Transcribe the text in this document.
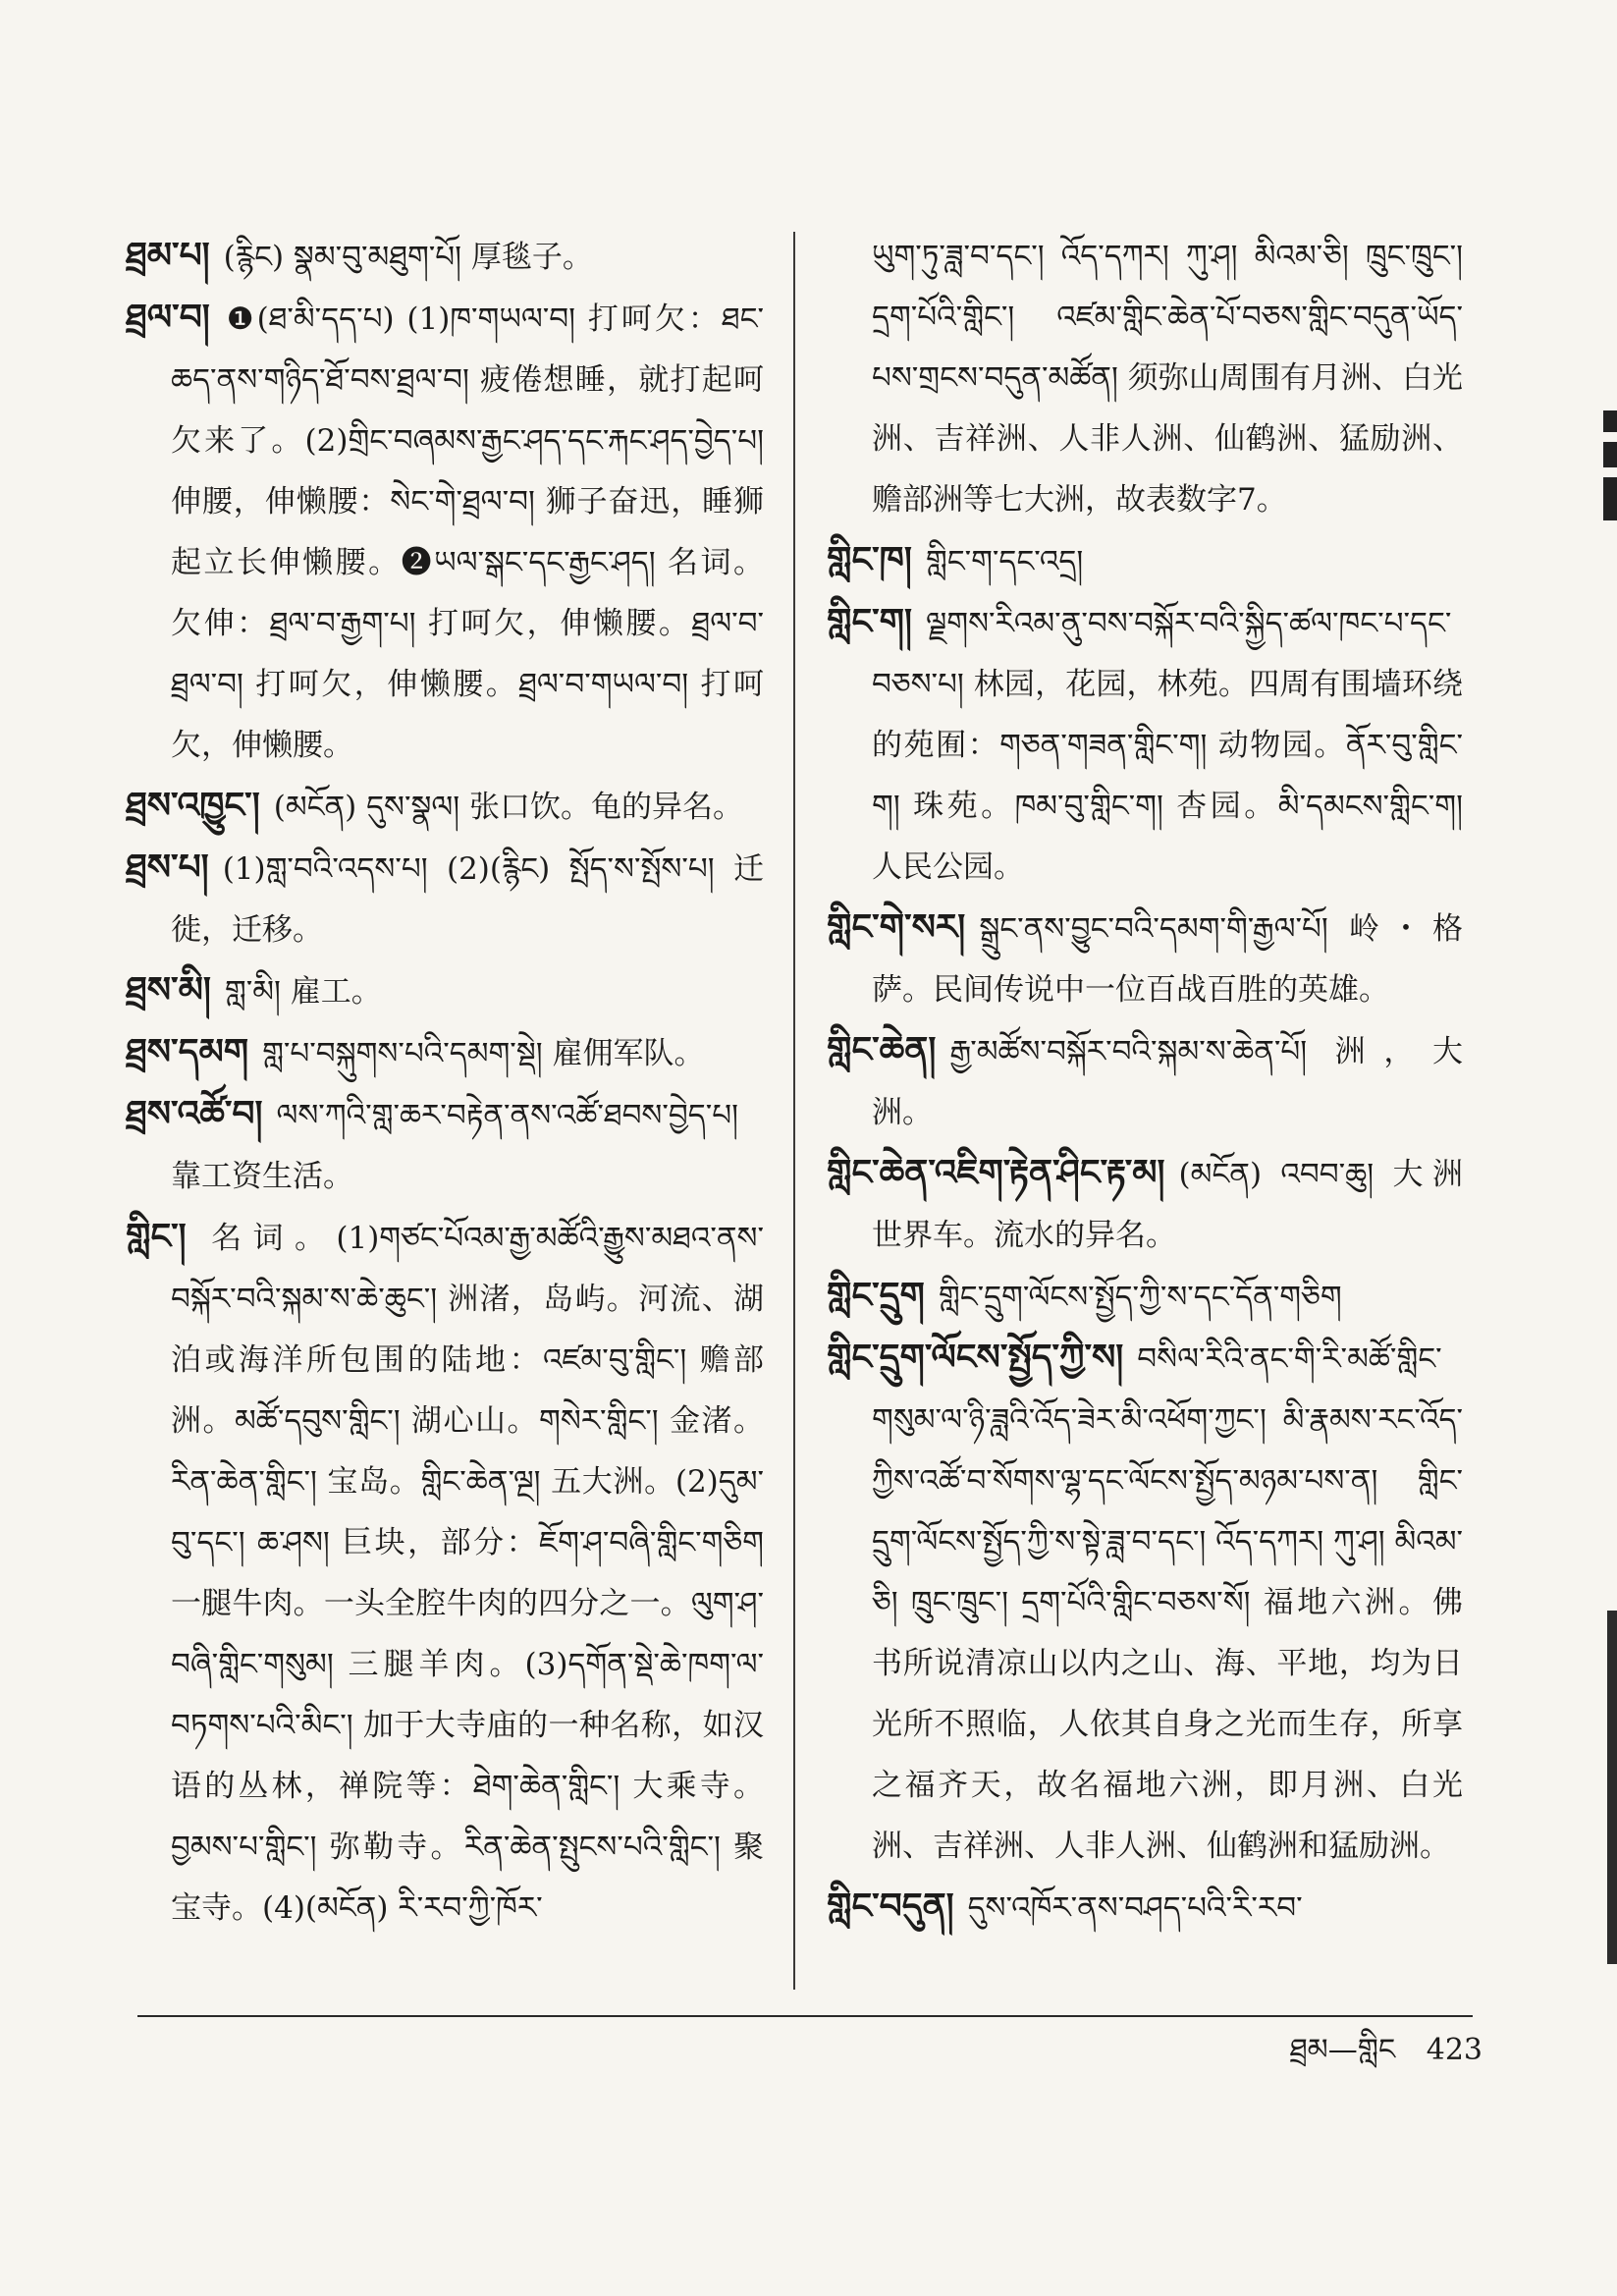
ཐྲམ་པ། (རྙིང) སྣམ་བུ་མཐུག་པོ། 厚毯子。
ཐྲལ་བ། ❶(ཐ་མི་དད་པ) (1)ཁ་གཡལ་བ། 打呵欠：ཐང་ཆད་ནས་གཉིད་ཐོ་བས་ཐྲལ་བ། 疲倦想睡，就打起呵欠来了。(2)གྲིང་བཞམས་རྒྱང་ཤད་དང་རྐང་ཤད་བྱེད་པ། 伸腰，伸懒腰：སེང་གེ་ཐྲལ་བ། 狮子奋迅，睡狮起立长伸懒腰。❷ཡལ་སྒང་དང་རྒྱང་ཤད། 名词。欠伸：ཐྲལ་བ་རྒྱག་པ། 打呵欠，伸懒腰。ཐྲལ་བ་ཐྲལ་བ། 打呵欠，伸懒腰。ཐྲལ་བ་གཡལ་བ། 打呵欠，伸懒腰。
ཐྲས་འཁྱུང་། (མངོན) དུས་སྣལ། 张口饮。龟的异名。
ཐྲས་པ། (1)གླ་བའི་འདས་པ། (2)(རྙིང) སྤོད་ས་སྤོས་པ། 迁徙，迁移。
ཐྲས་མི། གླ་མི། 雇工。
ཐྲས་དམག གླ་པ་བསྐུགས་པའི་དམག་སྡེ། 雇佣军队。
ཐྲས་འཚོ་བ། ལས་ཀའི་གླ་ཆར་བརྟེན་ནས་འཚོ་ཐབས་བྱེད་པ། 靠工资生活。
གླིང་། 名词。(1)གཙང་པོའམ་རྒྱ་མཚོའི་རྒྱུས་མཐའ་ནས་བསྐོར་བའི་སྐམ་ས་ཆེ་ཆུང་། 洲渚，岛屿。河流、湖泊或海洋所包围的陆地：འཛམ་བུ་གླིང་། 赡部洲。མཚོ་དབུས་གླིང་། 湖心山。གསེར་གླིང་། 金渚。རིན་ཆེན་གླིང་། 宝岛。གླིང་ཆེན་ལྔ། 五大洲。(2)དུམ་བུ་དང་། ཆ་ཤས། 巨块，部分：ཇོག་ཤ་བཞི་གླིང་གཅིག 一腿牛肉。一头全腔牛肉的四分之一。ལུག་ཤ་བཞི་གླིང་གསུམ། 三腿羊肉。(3)དགོན་སྡེ་ཆེ་ཁག་ལ་བཏགས་པའི་མིང་། 加于大寺庙的一种名称，如汉语的丛林，禅院等：ཐེག་ཆེན་གླིང་། 大乘寺。བྱམས་པ་གླིང་། 弥勒寺。རིན་ཆེན་སྤུངས་པའི་གླིང་། 聚宝寺。(4)(མངོན) རི་རབ་ཀྱི་ཁོར་
ཡུག་ཏུ་ཟླ་བ་དང་། འོད་དཀར། ཀུ་ཤ། མིའམ་ཅི། ཁྲུང་ཁྲུང་། དྲག་པོའི་གླིང་། འཛམ་གླིང་ཆེན་པོ་བཅས་གླིང་བདུན་ཡོད་པས་གྲངས་བདུན་མཚོན། 须弥山周围有月洲、白光洲、吉祥洲、人非人洲、仙鹤洲、猛励洲、赡部洲等七大洲，故表数字7。
གླིང་ཁ། གླིང་ག་དང་འདྲ།
གླིང་ག། ལྗགས་རིའམ་ནུ་བས་བསྐོར་བའི་སྐྱིད་ཚལ་ཁང་པ་དང་བཅས་པ། 林园，花园，林苑。四周有围墙环绕的苑囿：གཅན་གཟན་གླིང་ག། 动物园。ནོར་བུ་གླིང་ག། 珠苑。ཁམ་བུ་གླིང་ག། 杏园。མི་དམངས་གླིང་ག། 人民公园。
གླིང་གེ་སར། སྒྲུང་ནས་བྱུང་བའི་དམག་གི་རྒྱལ་པོ། 岭・格萨。民间传说中一位百战百胜的英雄。
གླིང་ཆེན། རྒྱ་མཚོས་བསྐོར་བའི་སྐམ་ས་ཆེན་པོ། 洲，大洲。
གླིང་ཆེན་འཇིག་རྟེན་ཤིང་རྟ་མ། (མངོན) འབབ་ཆུ། 大洲世界车。流水的异名。
གླིང་དྲུག གླིང་དྲུག་ལོངས་སྤྱོད་ཀྱི་ས་དང་དོན་གཅིག
གླིང་དྲུག་ལོངས་སྤྱོད་ཀྱི་ས། བསིལ་རིའི་ནང་གི་རི་མཚོ་གླིང་གསུམ་ལ་ཉི་ཟླའི་འོད་ཟེར་མི་འཕོག་ཀྱང་། མི་རྣམས་རང་འོད་ཀྱིས་འཚོ་བ་སོགས་ལྷ་དང་ལོངས་སྤྱོད་མཉམ་པས་ན། གླིང་དྲུག་ལོངས་སྤྱོད་ཀྱི་ས་སྟེ་ཟླ་བ་དང་། འོད་དཀར། ཀུ་ཤ། མིའམ་ཅི། ཁྲུང་ཁྲུང་། དྲག་པོའི་གླིང་བཅས་སོ། 福地六洲。佛书所说清凉山以内之山、海、平地，均为日光所不照临，人依其自身之光而生存，所享之福齐天，故名福地六洲，即月洲、白光洲、吉祥洲、人非人洲、仙鹤洲和猛励洲。
གླིང་བདུན། དུས་འཁོར་ནས་བཤད་པའི་རི་རབ་
ཐྲམ—གླིང 423
